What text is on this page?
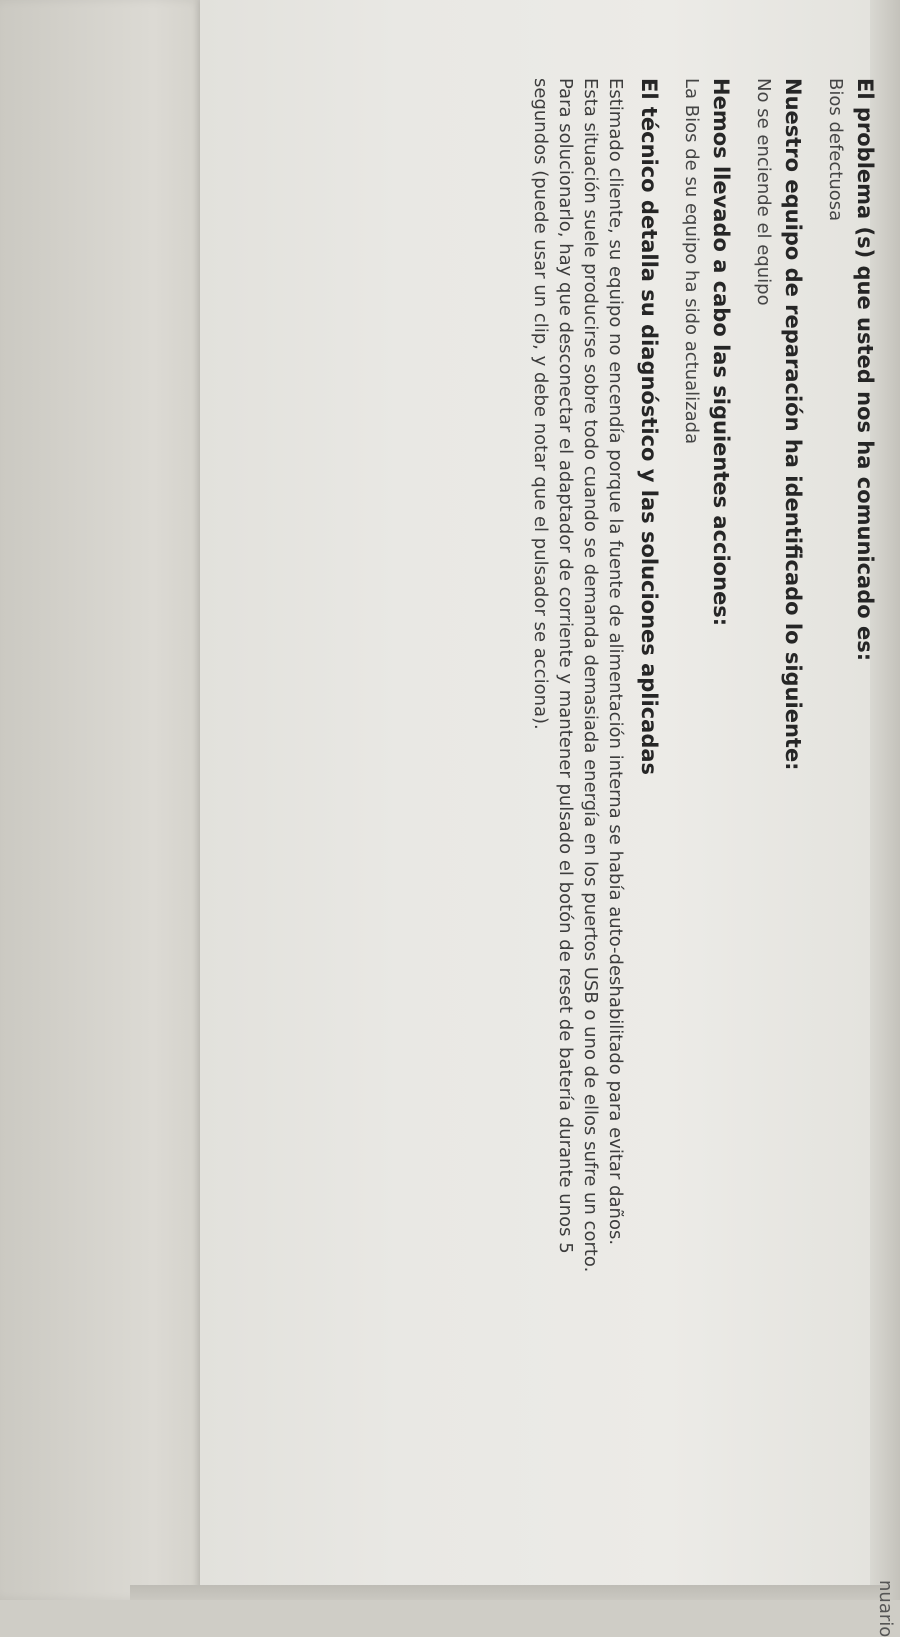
nuario

El problema (s) que usted nos ha comunicado es:

Bios defectuosa

Nuestro equipo de reparación ha identificado lo siguiente:

No se enciende el equipo

Hemos llevado a cabo las siguientes acciones:

La Bios de su equipo ha sido actualizada

El técnico detalla su diagnóstico y las soluciones aplicadas

Estimado cliente, su equipo no encendía porque la fuente de alimentación interna se había auto-deshabilitado para evitar daños.

Esta situación suele producirse sobre todo cuando se demanda demasiada energía en los puertos USB o uno de ellos sufre un corto.

Para solucionarlo, hay que desconectar el adaptador de corriente y mantener pulsado el botón de reset de batería durante unos 5

segundos (puede usar un clip, y debe notar que el pulsador se acciona).
